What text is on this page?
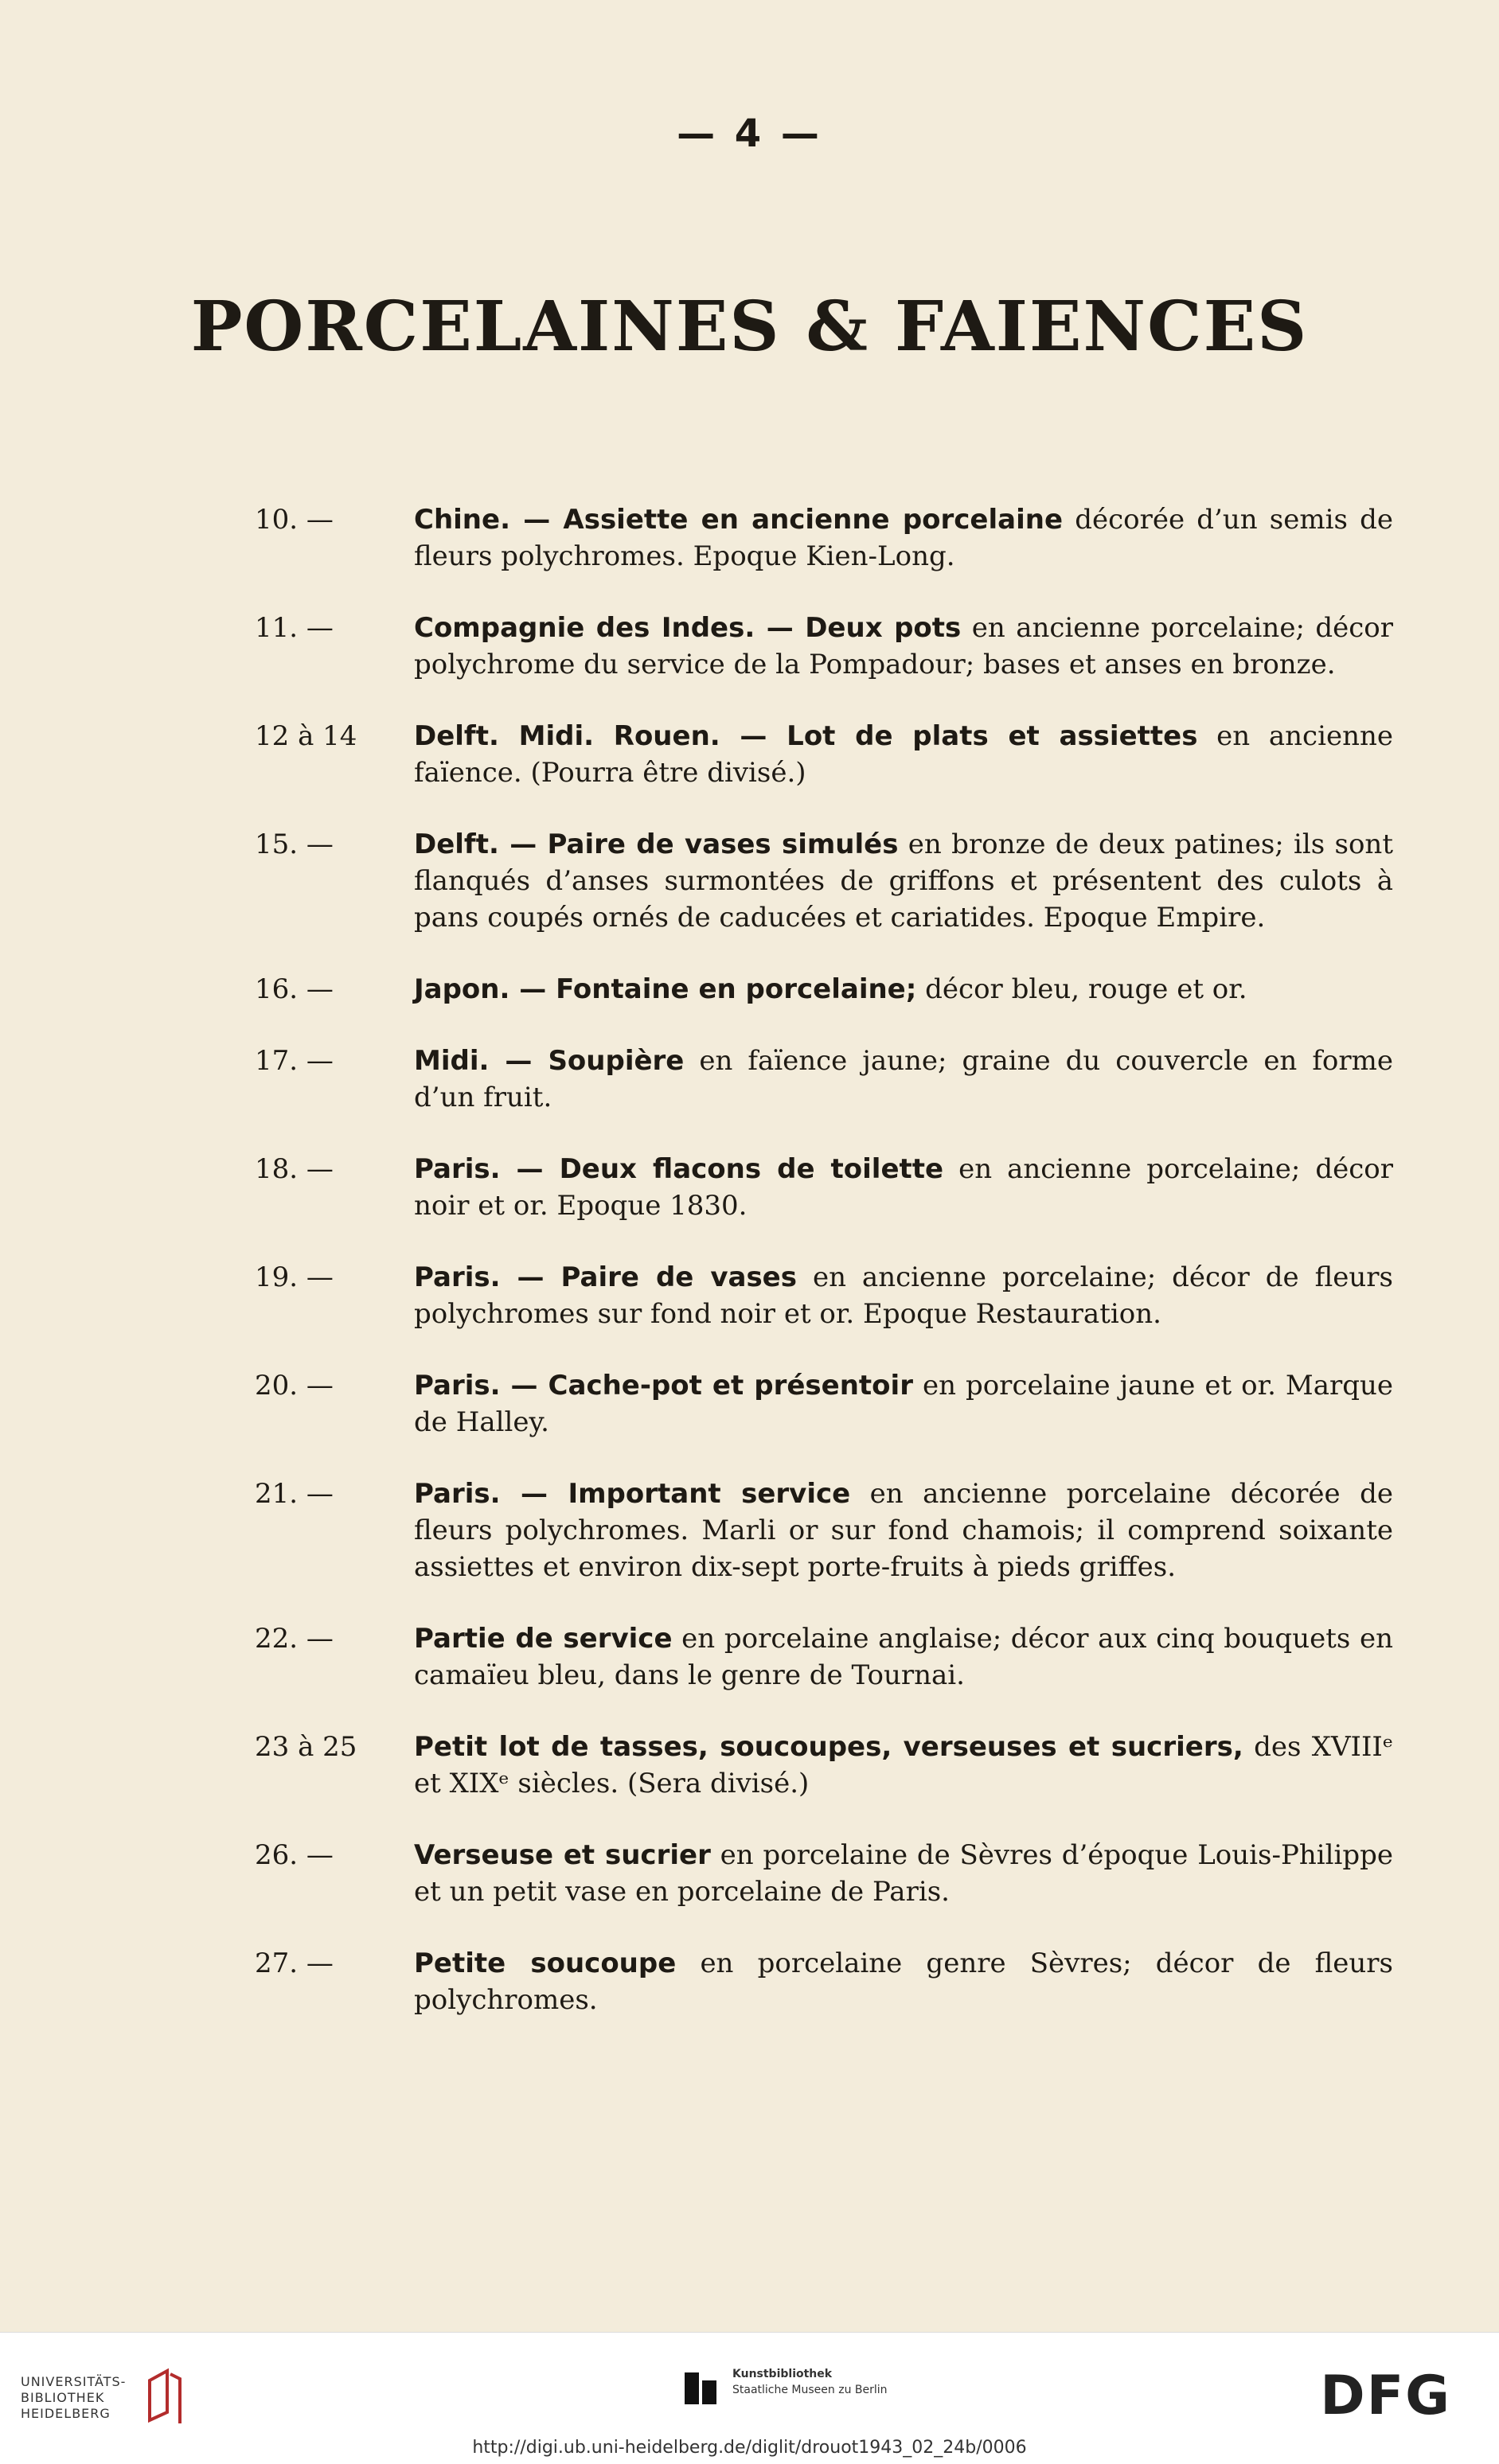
— 4 —
PORCELAINES & FAIENCES
10. —	Chine. — Assiette en ancienne porcelaine décorée d’un semis de fleurs polychromes. Epoque Kien-Long.
11. —	Compagnie des Indes. — Deux pots en ancienne porcelaine; décor polychrome du service de la Pompadour; bases et anses en bronze.
12 à 14	Delft. Midi. Rouen. — Lot de plats et assiettes en ancienne faïence. (Pourra être divisé.)
15. —	Delft. — Paire de vases simulés en bronze de deux patines; ils sont flanqués d’anses surmontées de griffons et présentent des culots à pans coupés ornés de caducées et cariatides. Epoque Empire.
16. —	Japon. — Fontaine en porcelaine; décor bleu, rouge et or.
17. —	Midi. — Soupière en faïence jaune; graine du couvercle en forme d’un fruit.
18. —	Paris. — Deux flacons de toilette en ancienne porcelaine; décor noir et or. Epoque 1830.
19. —	Paris. — Paire de vases en ancienne porcelaine; décor de fleurs polychromes sur fond noir et or. Epoque Restauration.
20. —	Paris. — Cache-pot et présentoir en porcelaine jaune et or. Marque de Halley.
21. —	Paris. — Important service en ancienne porcelaine décorée de fleurs polychromes. Marli or sur fond chamois; il comprend soixante assiettes et environ dix-sept porte-fruits à pieds griffes.
22. —	Partie de service en porcelaine anglaise; décor aux cinq bouquets en camaïeu bleu, dans le genre de Tournai.
23 à 25	Petit lot de tasses, soucoupes, verseuses et sucriers, des XVIIIᵉ et XIXᵉ siècles. (Sera divisé.)
26. —	Verseuse et sucrier en porcelaine de Sèvres d’époque Louis-Philippe et un petit vase en porcelaine de Paris.
27. —	Petite soucoupe en porcelaine genre Sèvres; décor de fleurs polychromes.
UNIVERSITÄTS-
BIBLIOTHEK
HEIDELBERG
Kunstbibliothek
Staatliche Museen zu Berlin	DFG
http://digi.ub.uni-heidelberg.de/diglit/drouot1943_02_24b/0006
